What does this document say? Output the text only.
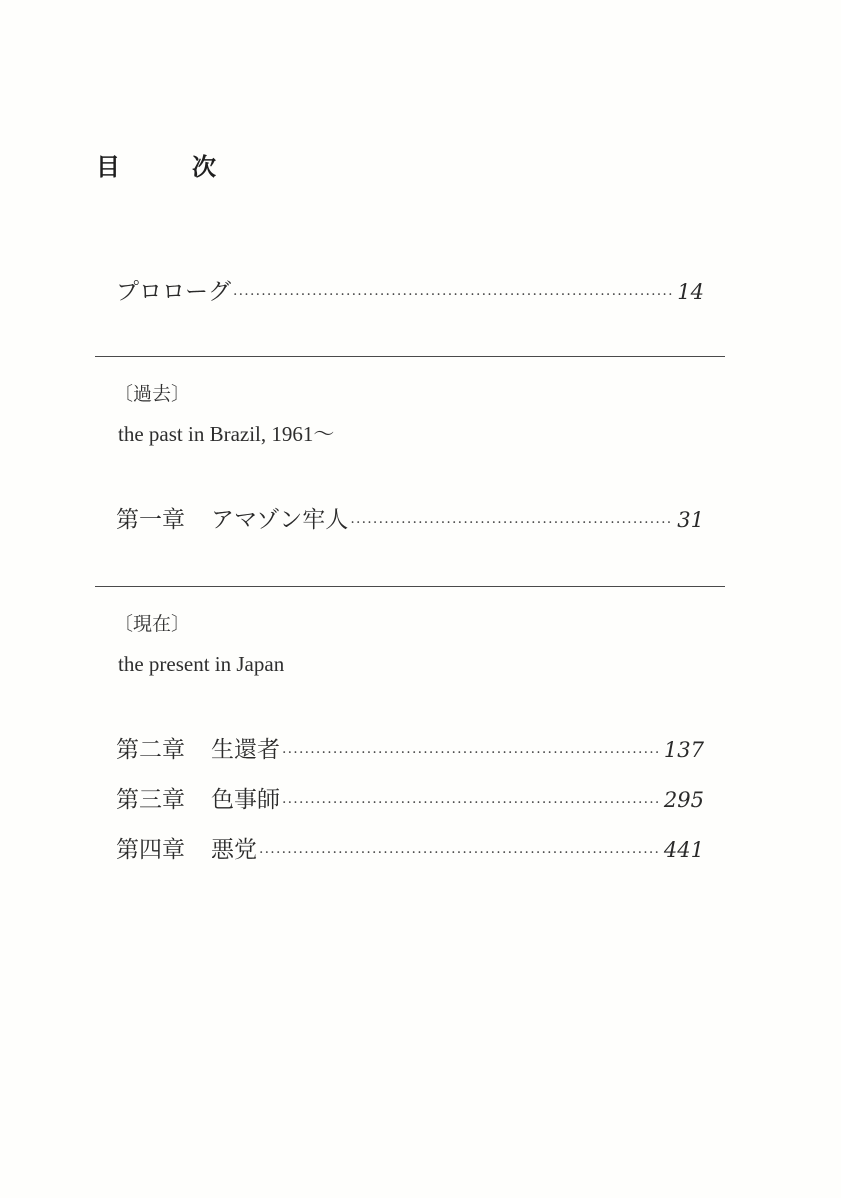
目	次
プロローグ ·····	14
〔過去〕
the past in Brazil, 1961～
第一章 アマゾン牢人 ·····	31
〔現在〕
the present in Japan
第二章 生還者 ·····	137
第三章 色事師 ·····	295
第四章 悪党 ·····	441
